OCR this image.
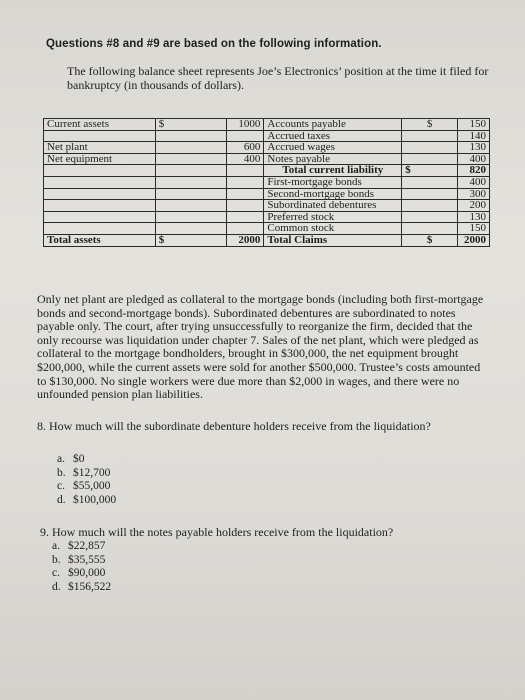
Questions #8 and #9 are based on the following information.
The following balance sheet represents Joe’s Electronics’ position at the time it filed for bankruptcy (in thousands of dollars).
Current assets	$	1000	Accounts payable	$	150
			Accrued taxes		140
Net plant		600	Accrued wages		130
Net equipment		400	Notes payable		400
			Total current liability	$	820
			First-mortgage bonds		400
			Second-mortgage bonds		300
			Subordinated debentures		200
			Preferred stock		130
			Common stock		150
Total assets	$	2000	Total Claims	$	2000
Only net plant are pledged as collateral to the mortgage bonds (including both first-mortgage bonds and second-mortgage bonds). Subordinated debentures are subordinated to notes payable only. The court, after trying unsuccessfully to reorganize the firm, decided that the only recourse was liquidation under chapter 7. Sales of the net plant, which were pledged as collateral to the mortgage bondholders, brought in $300,000, the net equipment brought $200,000, while the current assets were sold for another $500,000. Trustee’s costs amounted to $130,000. No single workers were due more than $2,000 in wages, and there were no unfounded pension plan liabilities.
8. How much will the subordinate debenture holders receive from the liquidation?
a. $0
b. $12,700
c. $55,000
d. $100,000
9. How much will the notes payable holders receive from the liquidation?
a. $22,857
b. $35,555
c. $90,000
d. $156,522
